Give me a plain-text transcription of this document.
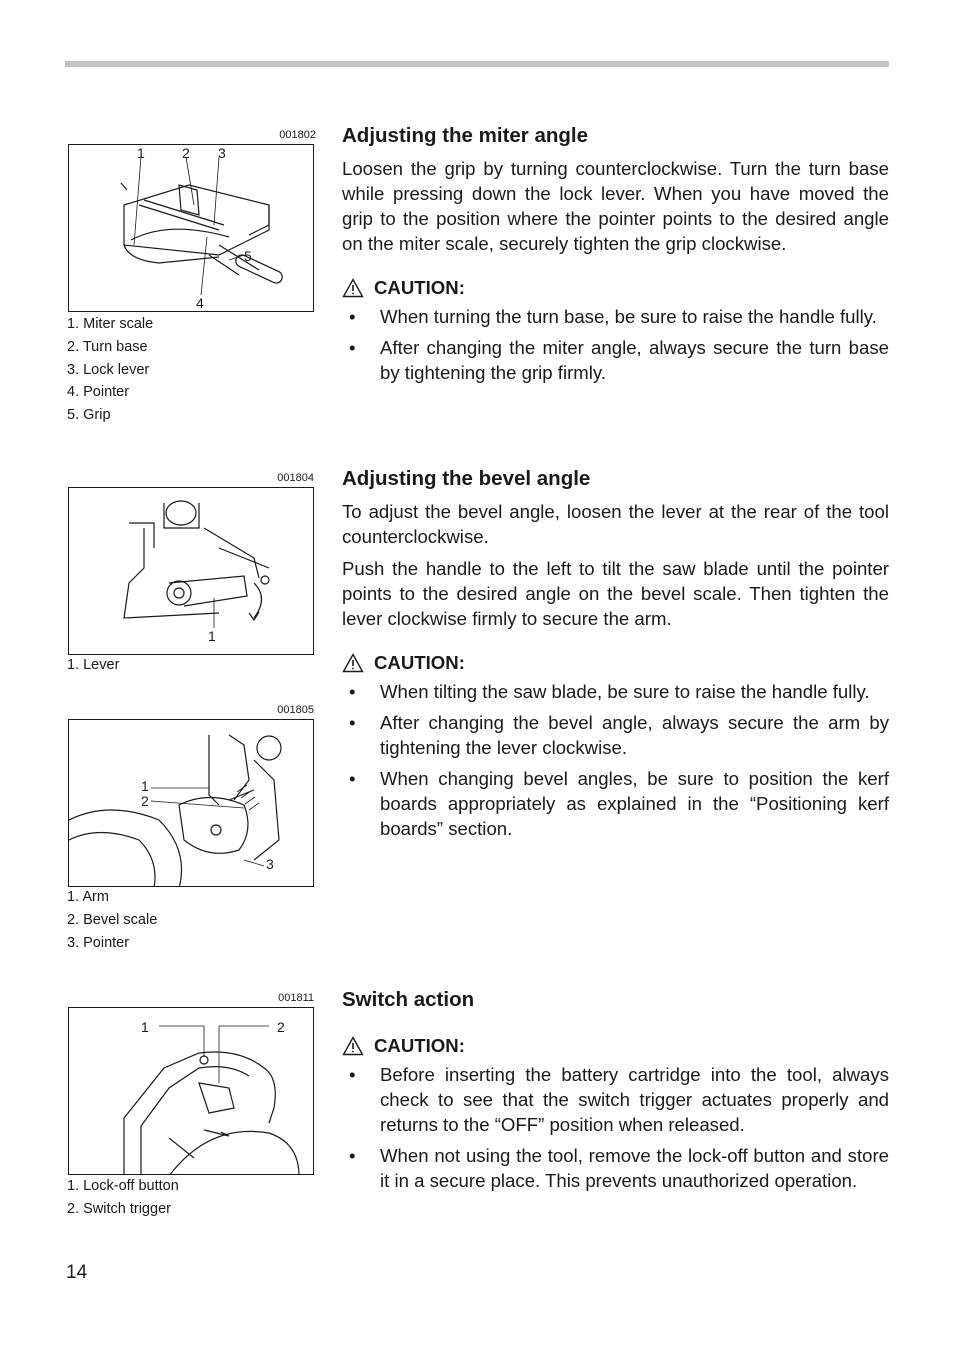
001802
1	2 3
4
5
1. Miter scale
2. Turn base
3. Lock lever
4. Pointer
5. Grip
001804
1
1. Lever
001805
1
2
3
1. Arm
2. Bevel scale
3. Pointer
001811
1	2
1. Lock-off button
2. Switch trigger
Adjusting the miter angle

Loosen the grip by turning counterclockwise. Turn the turn base while pressing down the lock lever. When you have moved the grip to the position where the pointer points to the desired angle on the miter scale, securely tighten the grip clockwise.

CAUTION:
• When turning the turn base, be sure to raise the handle fully.
• After changing the miter angle, always secure the turn base by tightening the grip firmly.
Adjusting the bevel angle

To adjust the bevel angle, loosen the lever at the rear of the tool counterclockwise.

Push the handle to the left to tilt the saw blade until the pointer points to the desired angle on the bevel scale. Then tighten the lever clockwise firmly to secure the arm.

CAUTION:
• When tilting the saw blade, be sure to raise the handle fully.
• After changing the bevel angle, always secure the arm by tightening the lever clockwise.
• When changing bevel angles, be sure to position the kerf boards appropriately as explained in the “Positioning kerf boards” section.
Switch action
CAUTION:
• Before inserting the battery cartridge into the tool, always check to see that the switch trigger actuates properly and returns to the “OFF” position when released.
• When not using the tool, remove the lock-off button and store it in a secure place. This prevents unauthorized operation.
14
